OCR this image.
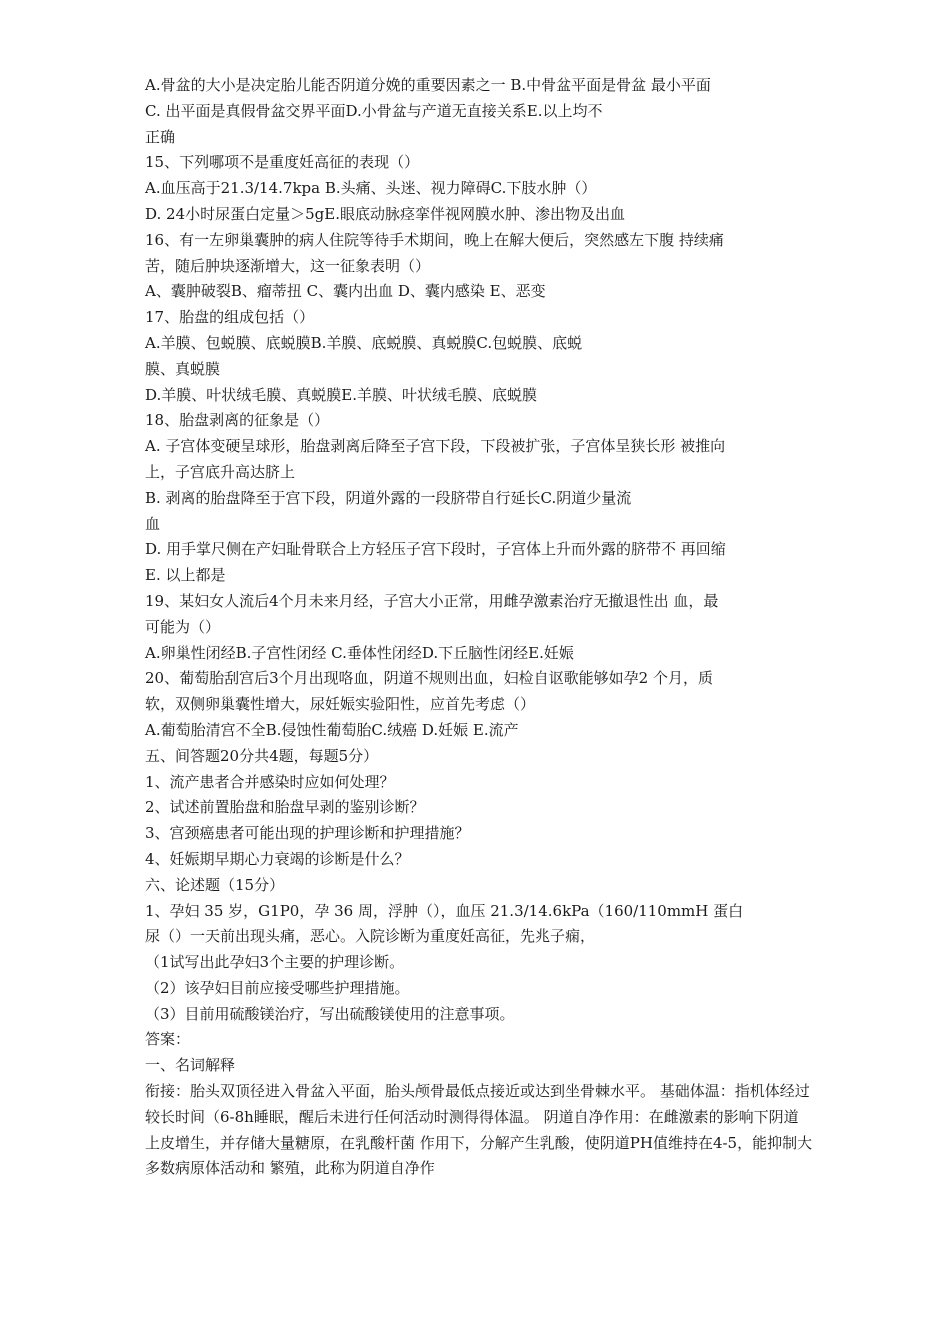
A.骨盆的大小是决定胎儿能否阴道分娩的重要因素之一 B.中骨盆平面是骨盆 最小平面
C. 出平面是真假骨盆交界平面D.小骨盆与产道无直接关系E.以上均不
正确
15、下列哪项不是重度妊高征的表现（）
A.血压高于21.3/14.7kpa B.头痛、头迷、视力障碍C.下肢水肿（）
D. 24小时尿蛋白定量＞5gE.眼底动脉痉挛伴视网膜水肿、渗出物及出血
16、有一左卵巢囊肿的病人住院等待手术期间，晚上在解大便后，突然感左下腹 持续痛
苦，随后肿块逐渐增大，这一征象表明（）
A、囊肿破裂B、瘤蒂扭 C、囊内出血 D、囊内感染 E、恶变
17、胎盘的组成包括（）
A.羊膜、包蜕膜、底蜕膜B.羊膜、底蜕膜、真蜕膜C.包蜕膜、底蜕
膜、真蜕膜
D.羊膜、叶状绒毛膜、真蜕膜E.羊膜、叶状绒毛膜、底蜕膜
18、胎盘剥离的征象是（）
A. 子宫体变硬呈球形，胎盘剥离后降至子宫下段，下段被扩张，子宫体呈狭长形 被推向
上，子宫底升高达脐上
B. 剥离的胎盘降至于宫下段，阴道外露的一段脐带自行延长C.阴道少量流
血
D. 用手掌尺侧在产妇耻骨联合上方轻压子宫下段时，子宫体上升而外露的脐带不 再回缩
E. 以上都是
19、某妇女人流后4个月未来月经，子宫大小正常，用雌孕激素治疗无撤退性出 血，最
可能为（）
A.卵巢性闭经B.子宫性闭经 C.垂体性闭经D.下丘脑性闭经E.妊娠
20、葡萄胎刮宫后3个月出现咯血，阴道不规则出血，妇检自讴歌能够如孕2 个月，质
软，双侧卵巢囊性增大，尿妊娠实验阳性，应首先考虑（）
A.葡萄胎清宫不全B.侵蚀性葡萄胎C.绒癌 D.妊娠 E.流产
五、间答题20分共4题，每题5分）
1、流产患者合并感染时应如何处理？
2、试述前置胎盘和胎盘早剥的鉴别诊断？
3、宫颈癌患者可能出现的护理诊断和护理措施？
4、妊娠期早期心力衰竭的诊断是什么？
六、论述题（15分）
1、孕妇 35 岁，G1P0，孕 36 周，浮肿（），血压 21.3/14.6kPa（160/110mmH 蛋白
尿（）一天前出现头痛，恶心。入院诊断为重度妊高征，先兆子痫，
（1试写出此孕妇3个主要的护理诊断。
（2）该孕妇目前应接受哪些护理措施。
（3）目前用硫酸镁治疗，写出硫酸镁使用的注意事项。
答案：
一、名词解释
衔接：胎头双顶径进入骨盆入平面，胎头颅骨最低点接近或达到坐骨棘水平。 基础体温：指机体经过较长时间（6-8h睡眠，醒后未进行任何活动时测得得体温。 阴道自净作用：在雌激素的影响下阴道上皮增生，并存储大量糖原，在乳酸杆菌 作用下，分解产生乳酸，使阴道PH值维持在4-5，能抑制大多数病原体活动和 繁殖，此称为阴道自净作
